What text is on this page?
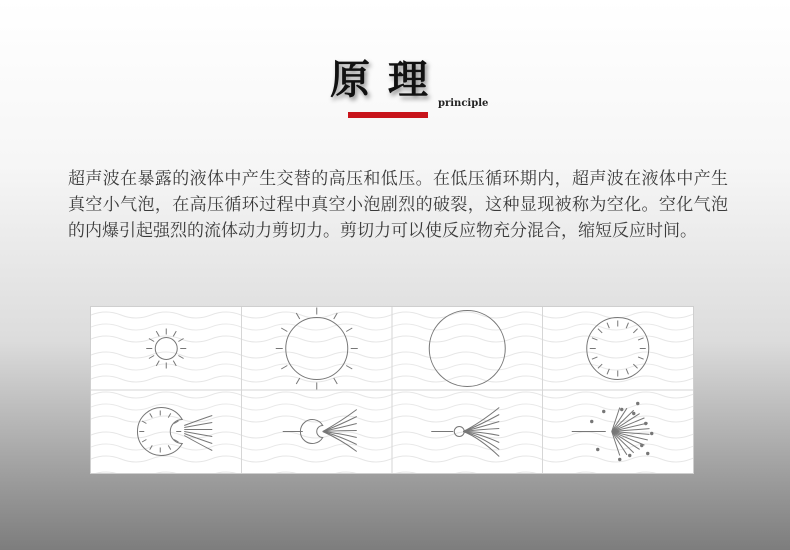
原 理
principle
超声波在暴露的液体中产生交替的高压和低压。在低压循环期内，超声波在液体中产生真空小气泡，在高压循环过程中真空小泡剧烈的破裂，这种显现被称为空化。空化气泡的内爆引起强烈的流体动力剪切力。剪切力可以使反应物充分混合，缩短反应时间。
